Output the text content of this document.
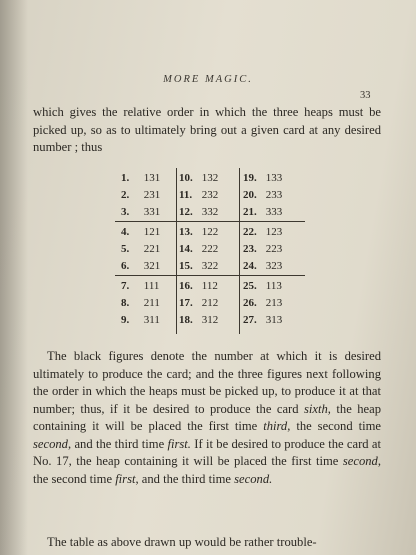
MORE MAGIC.
33
which gives the relative order in which the three heaps must be picked up, so as to ultimately bring out a given card at any desired number ; thus
1. 131 10. 132 19. 133
2. 231 11. 232 20. 233
3. 331 12. 332 21. 333
4. 121 13. 122 22. 123
5. 221 14. 222 23. 223
6. 321 15. 322 24. 323
7. 111 16. 112 25. 113
8. 211 17. 212 26. 213
9. 311 18. 312 27. 313
The black figures denote the number at which it is desired ultimately to produce the card; and the three figures next following the order in which the heaps must be picked up, to produce it at that number; thus, if it be desired to produce the card sixth, the heap containing it will be placed the first time third, the second time second, and the third time first. If it be desired to produce the card at No. 17, the heap containing it will be placed the first time second, the second time first, and the third time second.
The table as above drawn up would be rather trouble-
